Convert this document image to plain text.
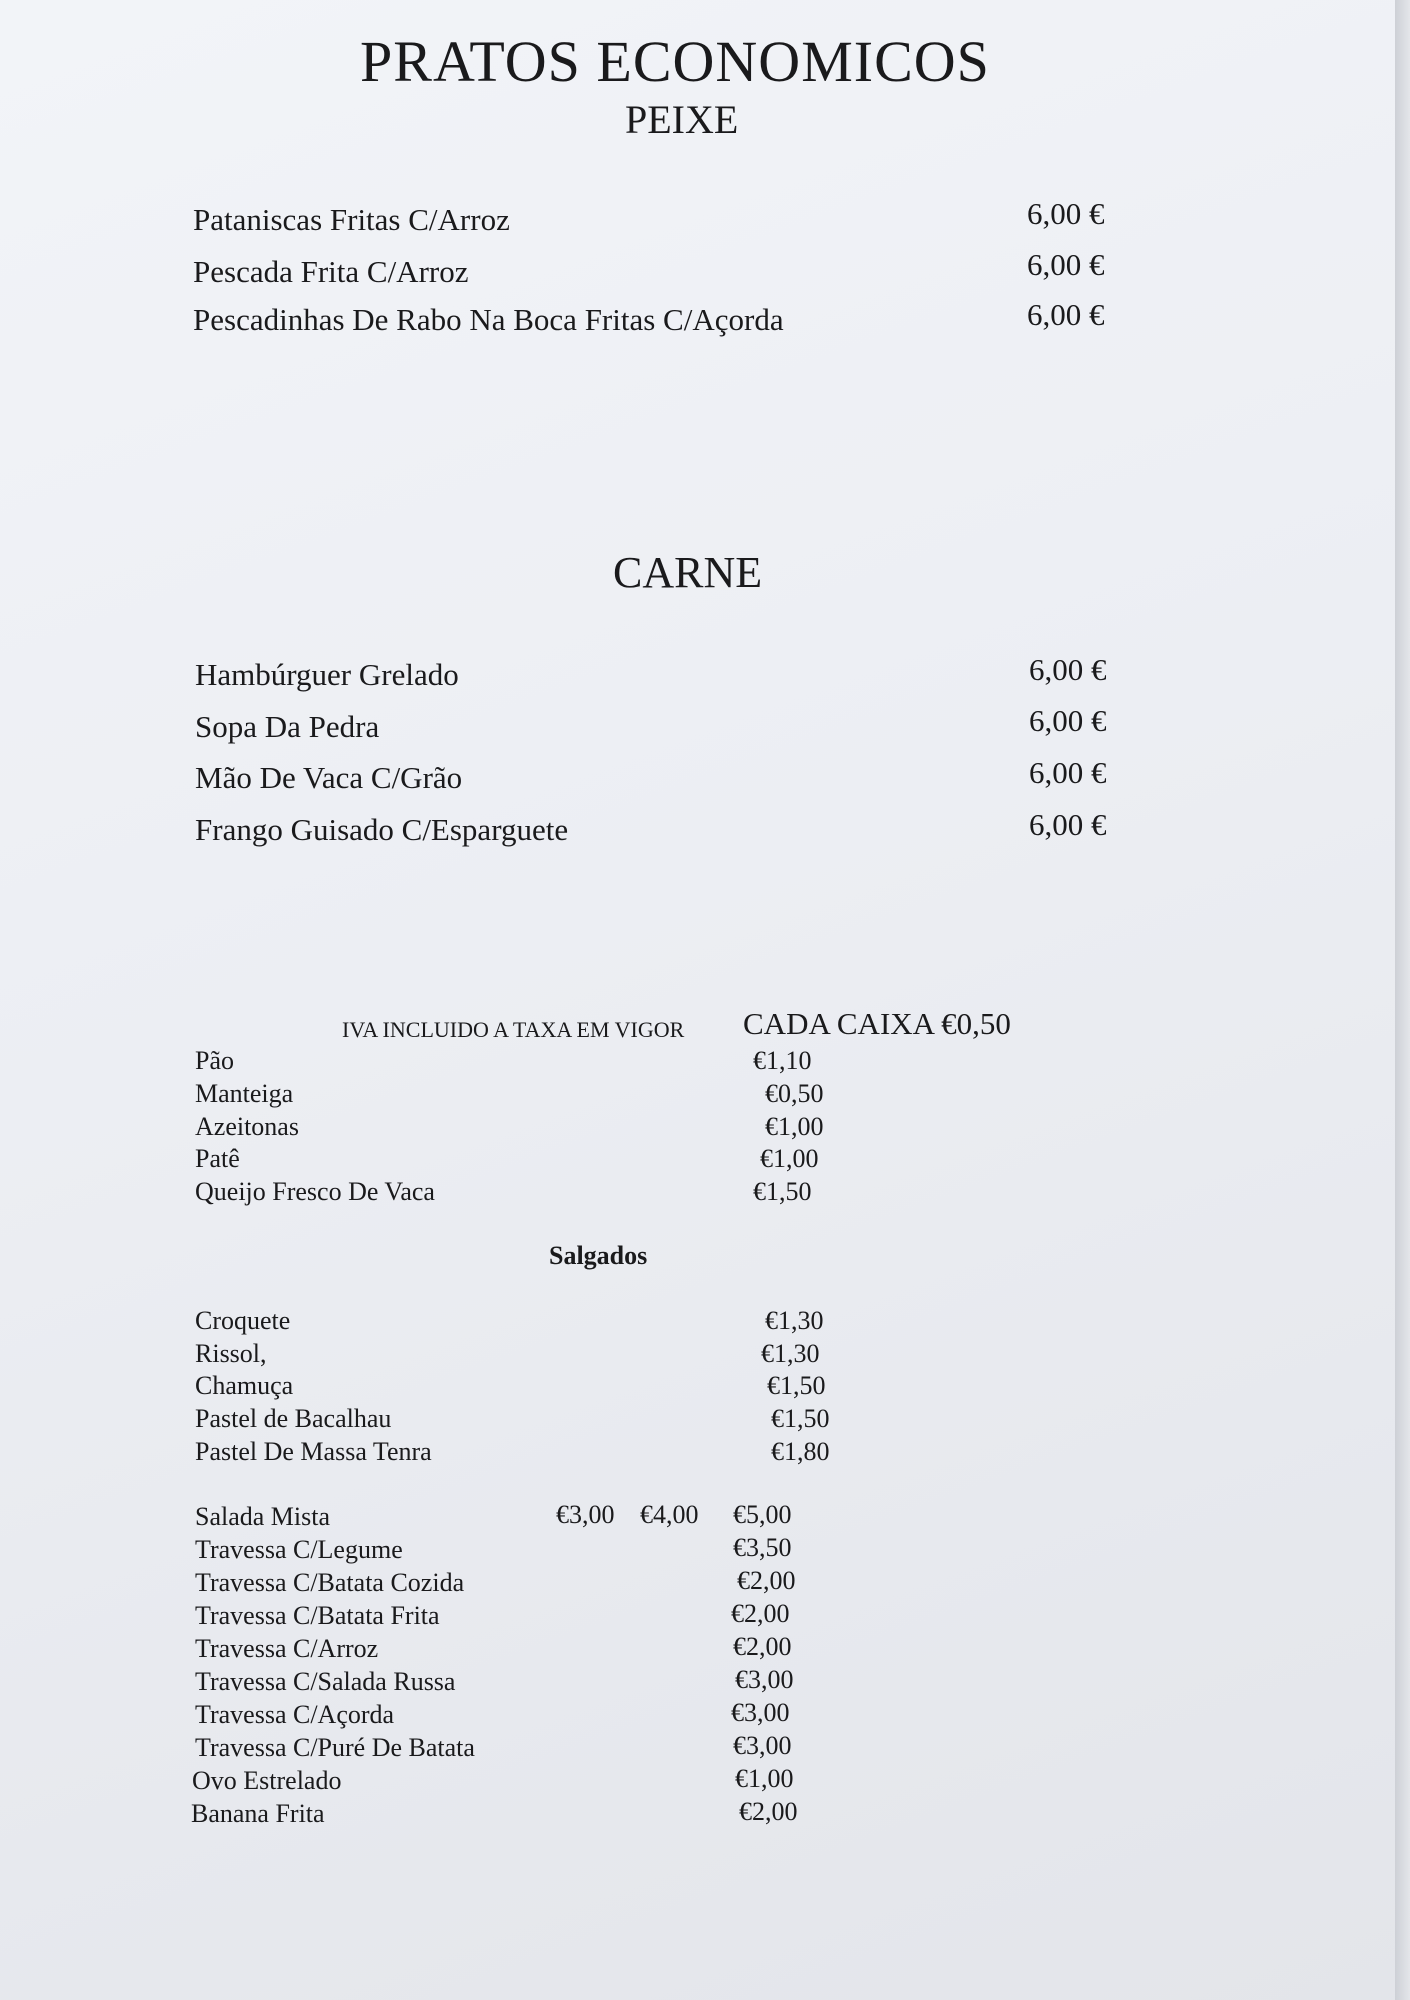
PRATOS ECONOMICOS
PEIXE
Pataniscas Fritas C/Arroz	6,00 €
Pescada Frita C/Arroz	6,00 €
Pescadinhas De Rabo Na Boca Fritas C/Açorda	6,00 €
CARNE
Hambúrguer Grelado	6,00 €
Sopa Da Pedra	6,00 €
Mão De Vaca C/Grão	6,00 €
Frango Guisado C/Esparguete	6,00 €
IVA INCLUIDO A TAXA EM VIGOR CADA CAIXA €0,50
Pão	€1,10
Manteiga	€0,50
Azeitonas	€1,00
Patê	€1,00
Queijo Fresco De Vaca	€1,50
Salgados
Croquete	€1,30
Rissol,	€1,30
Chamuça	€1,50
Pastel de Bacalhau	€1,50
Pastel De Massa Tenra	€1,80
Salada Mista	€3,00 €4,00 €5,00
Travessa C/Legume	€3,50
Travessa C/Batata Cozida	€2,00
Travessa C/Batata Frita	€2,00
Travessa C/Arroz	€2,00
Travessa C/Salada Russa	€3,00
Travessa C/Açorda	€3,00
Travessa C/Puré De Batata	€3,00
Ovo Estrelado	€1,00
Banana Frita	€2,00
